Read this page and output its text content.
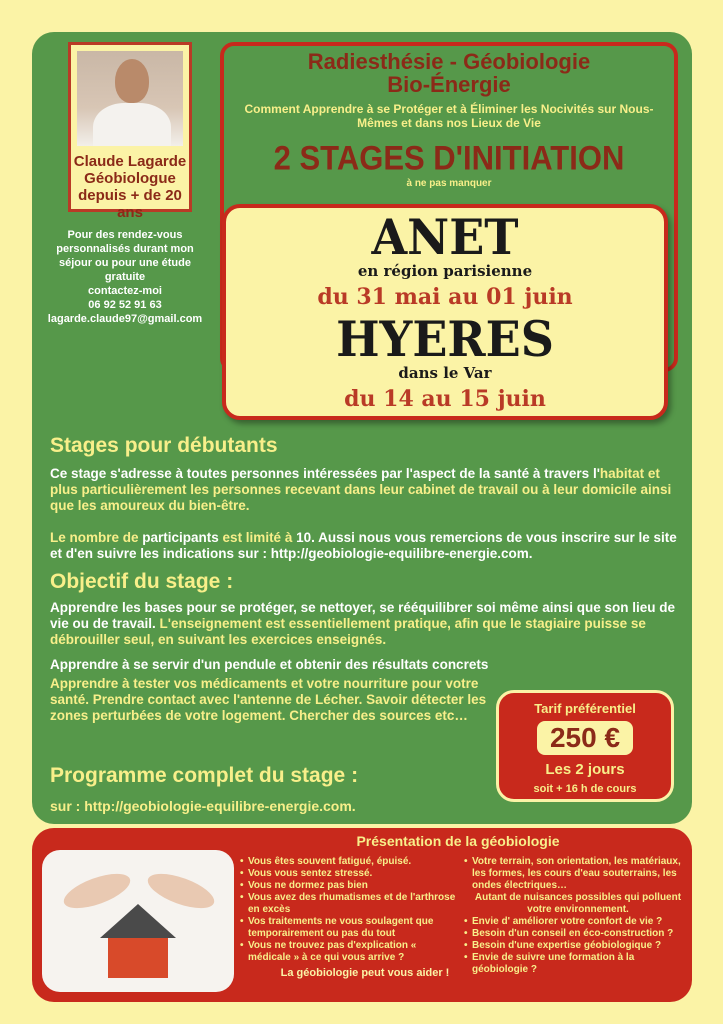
Claude Lagarde
Géobiologue
depuis + de 20 ans
Pour des rendez-vous personnalisés durant mon séjour ou pour une étude gratuite
contactez-moi
06 92 52 91 63
lagarde.claude97@gmail.com
Radiesthésie - Géobiologie
Bio-Énergie
Comment Apprendre à se Protéger et à Éliminer les Nocivités sur Nous-Mêmes et dans nos Lieux de Vie
2 STAGES D'INITIATION
à ne pas manquer
ANET
en région parisienne
du 31 mai au 01 juin
HYERES
dans le Var
du 14 au 15 juin
Stages pour débutants
Ce stage s'adresse à toutes personnes intéressées par l'aspect de la santé à travers l'habitat et plus particulièrement les personnes recevant dans leur cabinet de travail ou à leur domicile ainsi que les amoureux du bien-être.
Le nombre de participants est limité à 10. Aussi nous vous remercions de vous inscrire sur le site et d'en suivre les indications sur : http://geobiologie-equilibre-energie.com.
Objectif du stage :
Apprendre les bases pour se protéger, se nettoyer, se rééquilibrer soi même ainsi que son lieu de vie ou de travail. L'enseignement est essentiellement pratique, afin que le stagiaire puisse se débrouiller seul, en suivant les exercices enseignés.
Apprendre à se servir d'un pendule et obtenir des résultats concrets
Apprendre à tester vos médicaments et votre nourriture pour votre santé. Prendre contact avec l'antenne de Lécher. Savoir détecter les zones perturbées de votre logement. Chercher des sources etc…	Tarif préférentiel
250 €
Les 2 jours
soit + 16 h de cours
Programme complet du stage :
sur : http://geobiologie-equilibre-energie.com.
Présentation de la géobiologie
• Vous êtes souvent fatigué, épuisé.
• Vous vous sentez stressé.
• Vous ne dormez pas bien
• Vous avez des rhumatismes et de l'arthrose en excès
• Vos traitements ne vous soulagent que temporairement ou pas du tout
• Vous ne trouvez pas d'explication « médicale » à ce qui vous arrive ?
• Votre terrain, son orientation, les matériaux, les formes, les cours d'eau souterrains, les ondes électriques…
Autant de nuisances possibles qui polluent votre environnement.
• Envie d' améliorer votre confort de vie ?
• Besoin d'un conseil en éco-construction ?
• Besoin d'une expertise géobiologique ?
• Envie de suivre une formation à la géobiologie ?
La géobiologie peut vous aider !
